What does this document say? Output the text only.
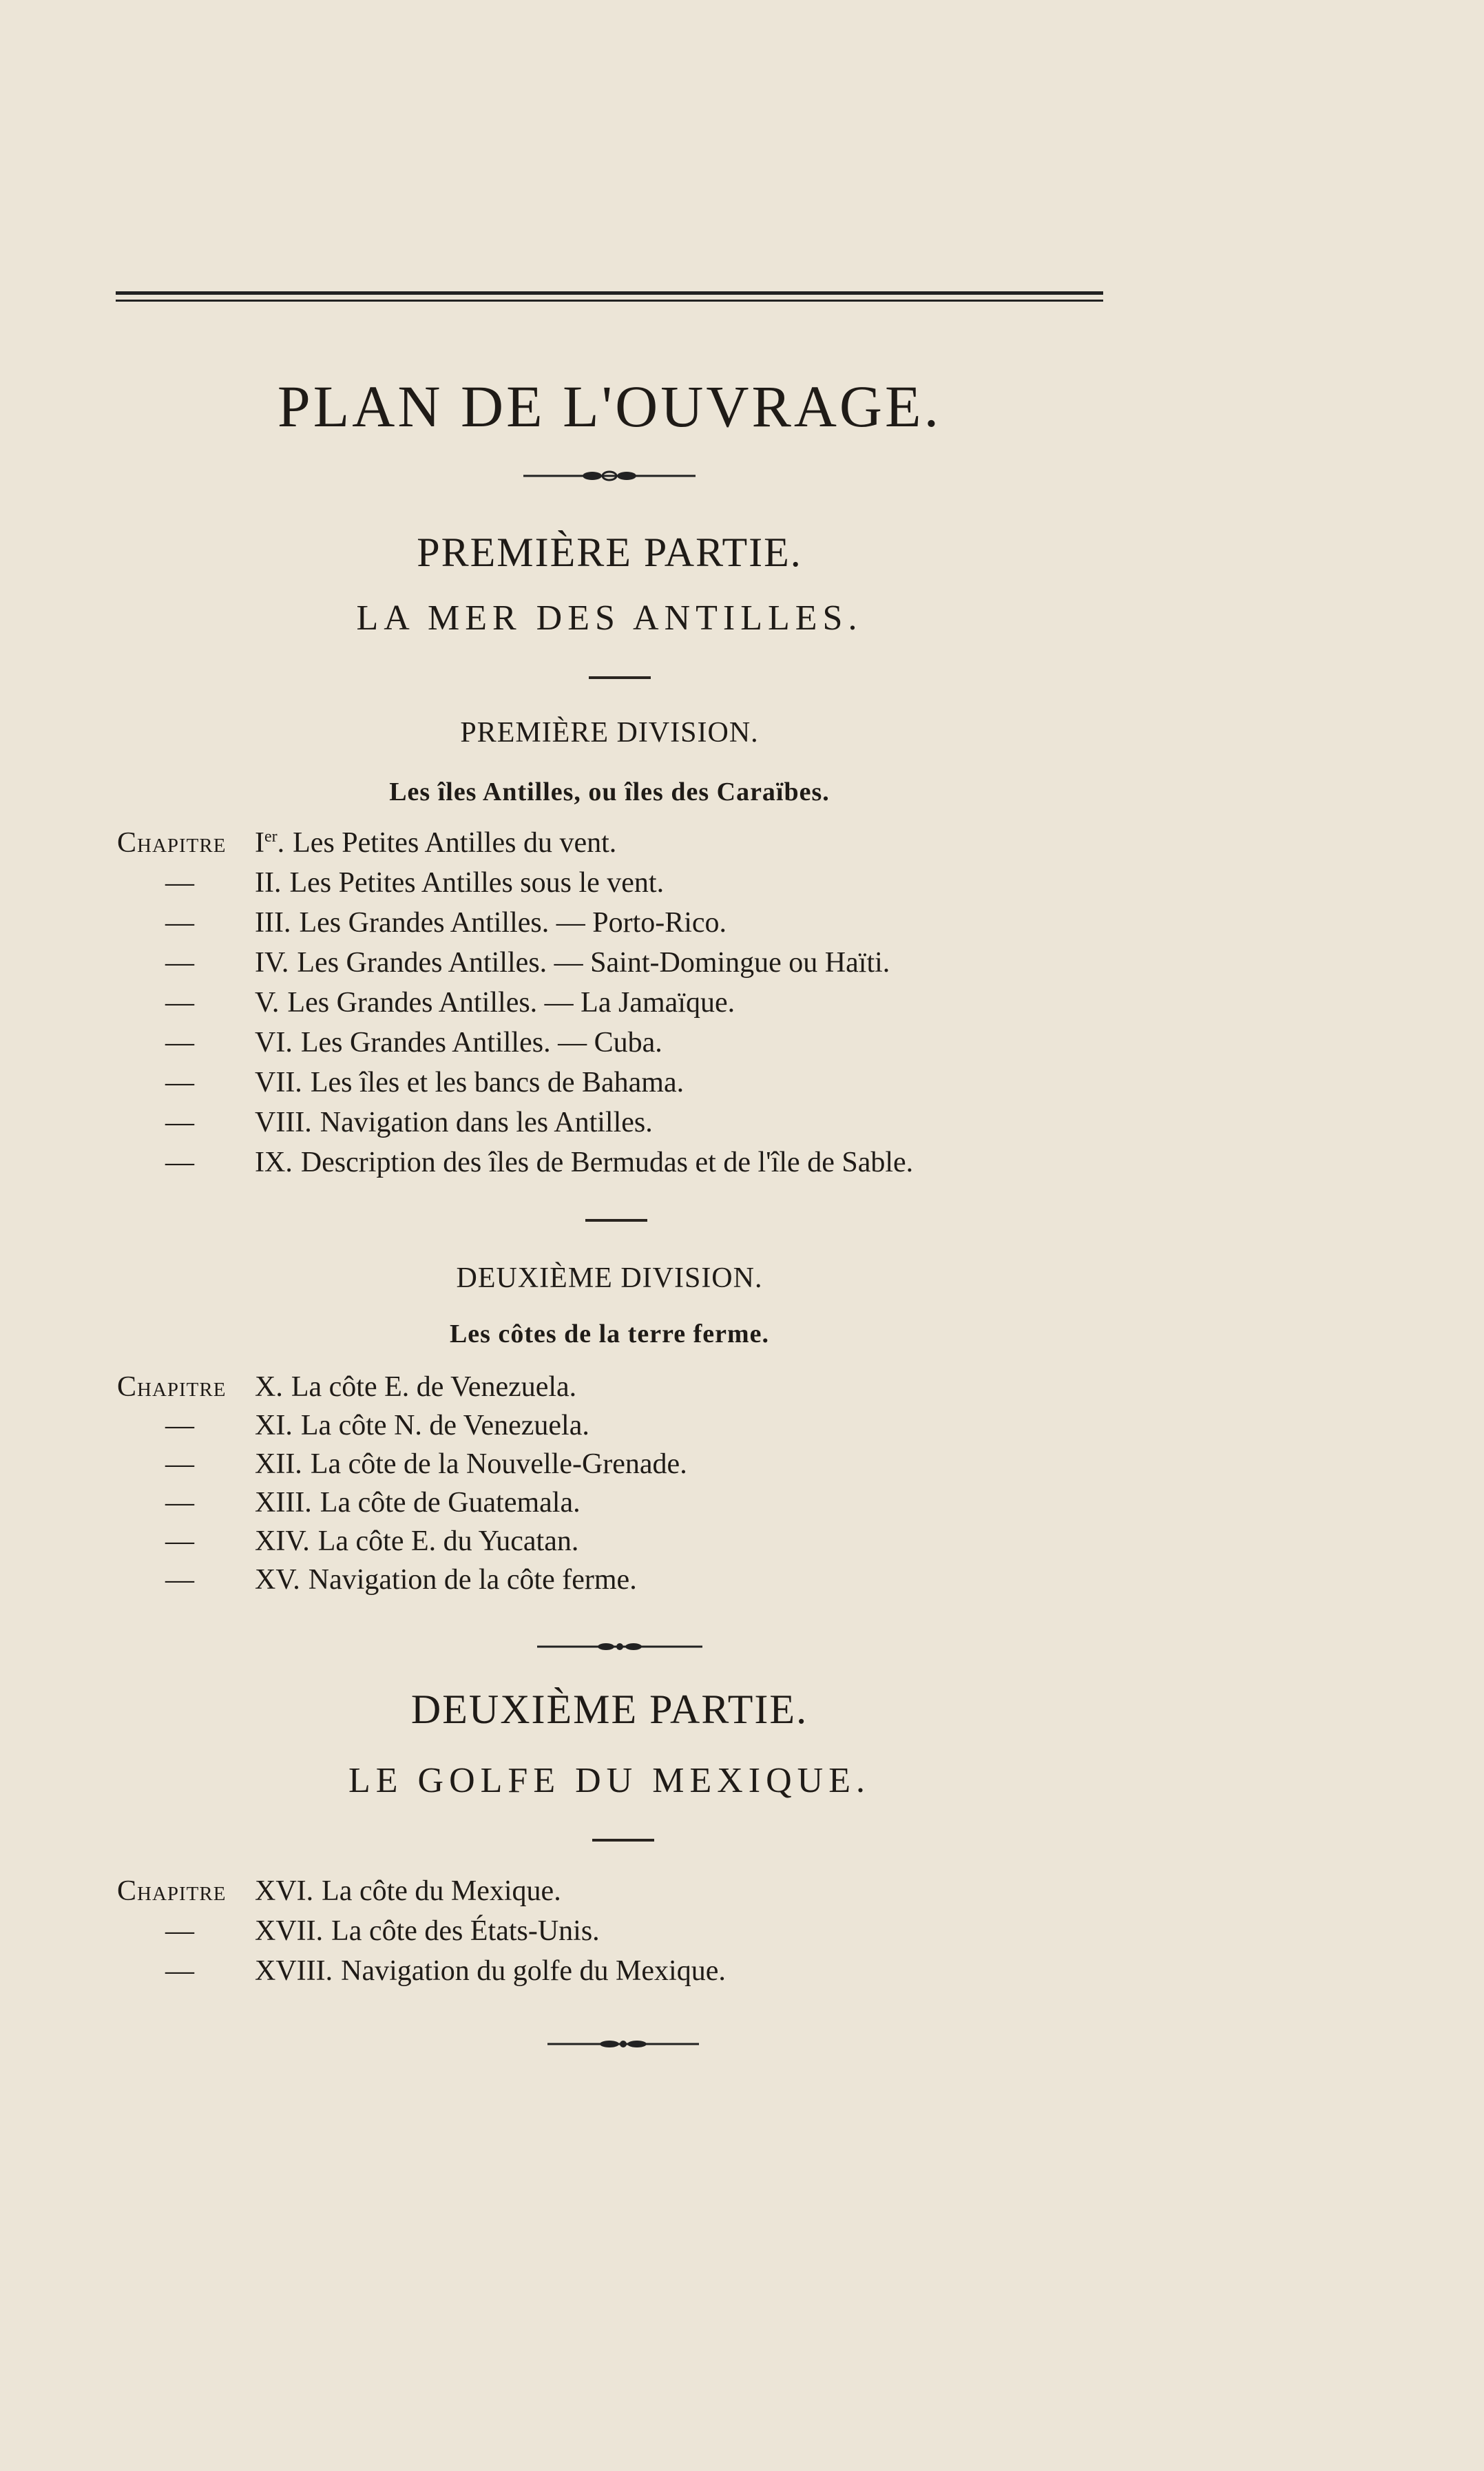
PLAN DE L'OUVRAGE.
PREMIÈRE PARTIE.
LA MER DES ANTILLES.
PREMIÈRE DIVISION.
Les îles Antilles, ou îles des Caraïbes.
Chapitre Ier. Les Petites Antilles du vent.
— II. Les Petites Antilles sous le vent.
— III. Les Grandes Antilles. — Porto-Rico.
— IV. Les Grandes Antilles. — Saint-Domingue ou Haïti.
— V. Les Grandes Antilles. — La Jamaïque.
— VI. Les Grandes Antilles. — Cuba.
— VII. Les îles et les bancs de Bahama.
— VIII. Navigation dans les Antilles.
— IX. Description des îles de Bermudas et de l'île de Sable.
DEUXIÈME DIVISION.
Les côtes de la terre ferme.
Chapitre X. La côte E. de Venezuela.
— XI. La côte N. de Venezuela.
— XII. La côte de la Nouvelle-Grenade.
— XIII. La côte de Guatemala.
— XIV. La côte E. du Yucatan.
— XV. Navigation de la côte ferme.
DEUXIÈME PARTIE.
LE GOLFE DU MEXIQUE.
Chapitre XVI. La côte du Mexique.
— XVII. La côte des États-Unis.
— XVIII. Navigation du golfe du Mexique.
